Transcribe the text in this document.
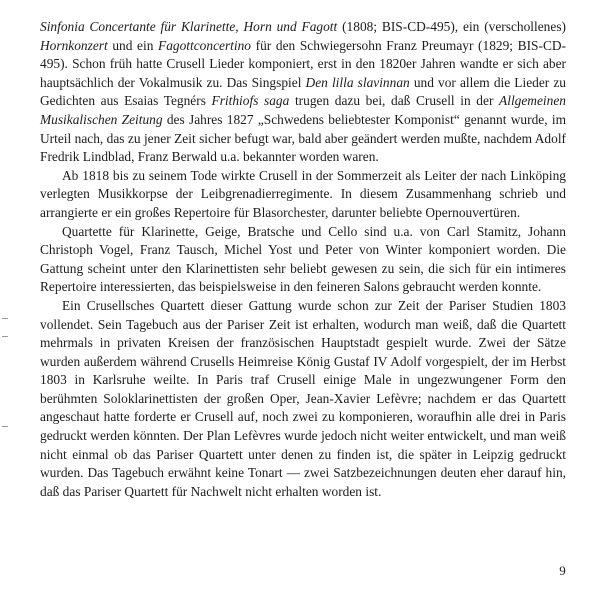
Sinfonia Concertante für Klarinette, Horn und Fagott (1808; BIS-CD-495), ein (verschollenes) Hornkonzert und ein Fagottconcertino für den Schwiegersohn Franz Preumayr (1829; BIS-CD-495). Schon früh hatte Crusell Lieder komponiert, erst in den 1820er Jahren wandte er sich aber hauptsächlich der Vokalmusik zu. Das Singspiel Den lilla slavinnan und vor allem die Lieder zu Gedichten aus Esaias Tegnérs Frithiofs saga trugen dazu bei, daß Crusell in der Allgemeinen Musikalischen Zeitung des Jahres 1827 „Schwedens beliebtester Komponist“ genannt wurde, im Urteil nach, das zu jener Zeit sicher befugt war, bald aber geändert werden mußte, nachdem Adolf Fredrik Lindblad, Franz Berwald u.a. bekannter worden waren.

Ab 1818 bis zu seinem Tode wirkte Crusell in der Sommerzeit als Leiter der nach Linköping verlegten Musikkorpse der Leibgrenadierregimente. In diesem Zusammenhang schrieb und arrangierte er ein großes Repertoire für Blasorchester, darunter beliebte Opernouvertüren.

Quartette für Klarinette, Geige, Bratsche und Cello sind u.a. von Carl Stamitz, Johann Christoph Vogel, Franz Tausch, Michel Yost und Peter von Winter komponiert worden. Die Gattung scheint unter den Klarinettisten sehr beliebt gewesen zu sein, die sich für ein intimeres Repertoire interessierten, das beispielsweise in den feineren Salons gebraucht werden konnte.

Ein Crusellsches Quartett dieser Gattung wurde schon zur Zeit der Pariser Studien 1803 vollendet. Sein Tagebuch aus der Pariser Zeit ist erhalten, wodurch man weiß, daß die Quartett mehrmals in privaten Kreisen der französischen Hauptstadt gespielt wurde. Zwei der Sätze wurden außerdem während Crusells Heimreise König Gustaf IV Adolf vorgespielt, der im Herbst 1803 in Karlsruhe weilte. In Paris traf Crusell einige Male in ungezwungener Form den berühmten Soloklarinettisten der großen Oper, Jean-Xavier Lefèvre; nachdem er das Quartett angeschaut hatte forderte er Crusell auf, noch zwei zu komponieren, woraufhin alle drei in Paris gedruckt werden könnten. Der Plan Lefèvres wurde jedoch nicht weiter entwickelt, und man weiß nicht einmal ob das Pariser Quartett unter denen zu finden ist, die später in Leipzig gedruckt wurden. Das Tagebuch erwähnt keine Tonart — zwei Satzbezeichnungen deuten eher darauf hin, daß das Pariser Quartett für Nachwelt nicht erhalten worden ist.

9
